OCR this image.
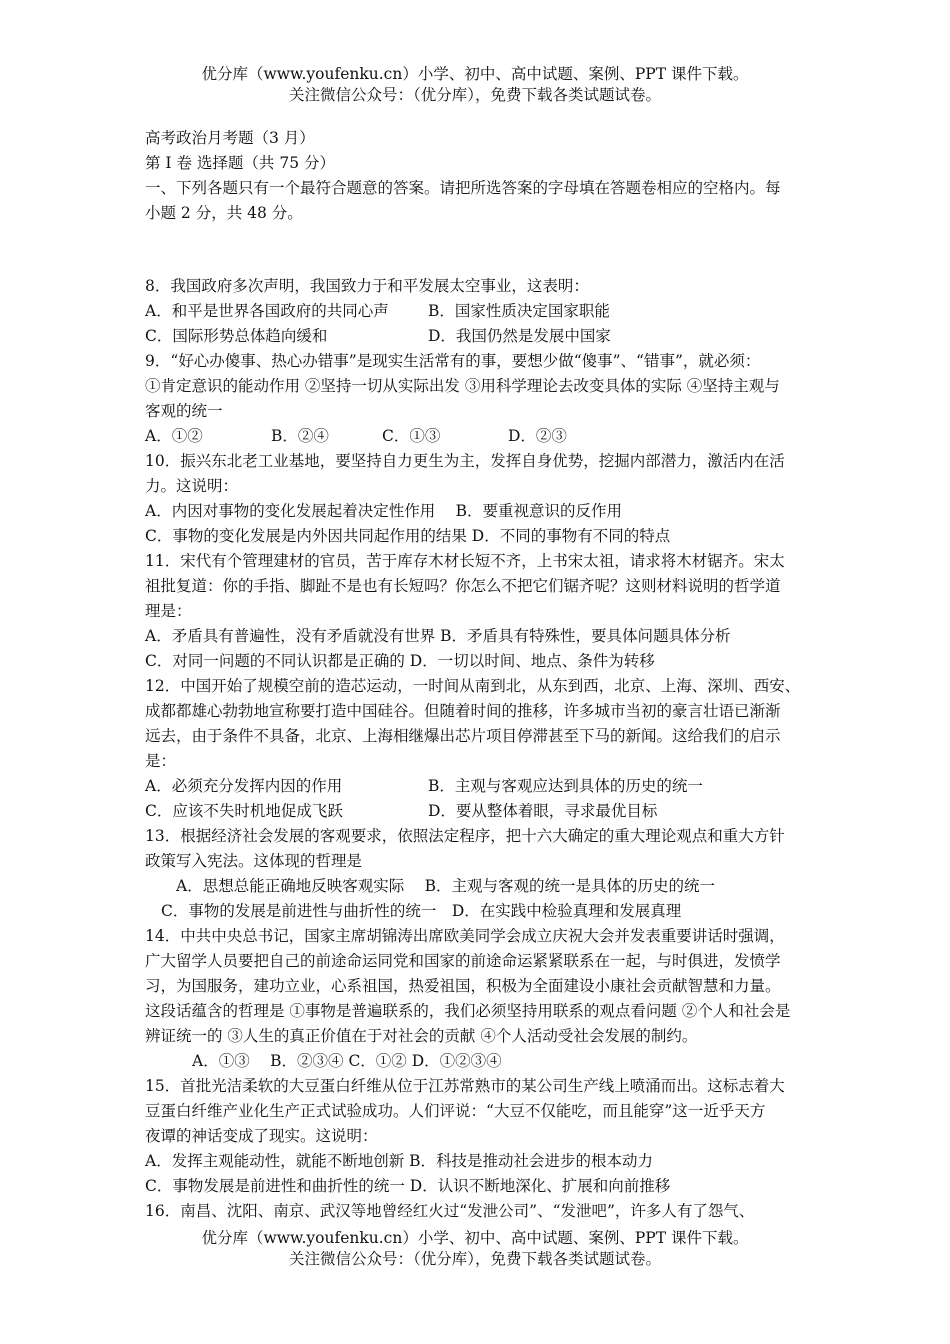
优分库（www.youfenku.cn）小学、初中、高中试题、案例、PPT 课件下载。
关注微信公众号：（优分库），免费下载各类试题试卷。
高考政治月考题（3 月）
第 I 卷 选择题（共 75 分）
一、下列各题只有一个最符合题意的答案。请把所选答案的字母填在答题卷相应的空格内。每
小题 2 分，共 48 分。
8．我国政府多次声明，我国致力于和平发展太空事业，这表明：
A．和平是世界各国政府的共同心声	B．国家性质决定国家职能
C．国际形势总体趋向缓和	D．我国仍然是发展中国家
9．“好心办傻事、热心办错事”是现实生活常有的事，要想少做“傻事”、“错事”，就必须：
①肯定意识的能动作用 ②坚持一切从实际出发 ③用科学理论去改变具体的实际 ④坚持主观与
客观的统一
A．①②	B．②④	C．①③	D．②③
10．振兴东北老工业基地，要坚持自力更生为主，发挥自身优势，挖掘内部潜力，激活内在活
力。这说明：
A．内因对事物的变化发展起着决定性作用　 B．要重视意识的反作用
C．事物的变化发展是内外因共同起作用的结果 D．不同的事物有不同的特点
11．宋代有个管理建材的官员，苦于库存木材长短不齐，上书宋太祖，请求将木材锯齐。宋太
祖批复道：你的手指、脚趾不是也有长短吗？你怎么不把它们锯齐呢？这则材料说明的哲学道
理是：
A．矛盾具有普遍性，没有矛盾就没有世界 B．矛盾具有特殊性，要具体问题具体分析
C．对同一问题的不同认识都是正确的 D．一切以时间、地点、条件为转移
12．中国开始了规模空前的造芯运动，一时间从南到北，从东到西，北京、上海、深圳、西安、
成都都雄心勃勃地宣称要打造中国硅谷。但随着时间的推移，许多城市当初的豪言壮语已渐渐
远去，由于条件不具备，北京、上海相继爆出芯片项目停滞甚至下马的新闻。这给我们的启示
是：
A．必须充分发挥内因的作用	B．主观与客观应达到具体的历史的统一
C．应该不失时机地促成飞跃	D．要从整体着眼，寻求最优目标
13．根据经济社会发展的客观要求，依照法定程序，把十六大确定的重大理论观点和重大方针
政策写入宪法。这体现的哲理是
A．思想总能正确地反映客观实际　 B．主观与客观的统一是具体的历史的统一
C．事物的发展是前进性与曲折性的统一　D．在实践中检验真理和发展真理
14．中共中央总书记，国家主席胡锦涛出席欧美同学会成立庆祝大会并发表重要讲话时强调，
广大留学人员要把自己的前途命运同党和国家的前途命运紧紧联系在一起，与时俱进，发愤学
习，为国服务，建功立业，心系祖国，热爱祖国，积极为全面建设小康社会贡献智慧和力量。
这段话蕴含的哲理是 ①事物是普遍联系的，我们必须坚持用联系的观点看问题 ②个人和社会是
辨证统一的 ③人生的真正价值在于对社会的贡献 ④个人活动受社会发展的制约。
A．①③　 B．②③④ C．①② D．①②③④
15．首批光洁柔软的大豆蛋白纤维从位于江苏常熟市的某公司生产线上喷涌而出。这标志着大
豆蛋白纤维产业化生产正式试验成功。人们评说：“大豆不仅能吃，而且能穿”这一近乎天方
夜谭的神话变成了现实。这说明：
A．发挥主观能动性，就能不断地创新 B．科技是推动社会进步的根本动力
C．事物发展是前进性和曲折性的统一 D．认识不断地深化、扩展和向前推移
16．南昌、沈阳、南京、武汉等地曾经红火过“发泄公司”、“发泄吧”，许多人有了怨气、
优分库（www.youfenku.cn）小学、初中、高中试题、案例、PPT 课件下载。
关注微信公众号：（优分库），免费下载各类试题试卷。
